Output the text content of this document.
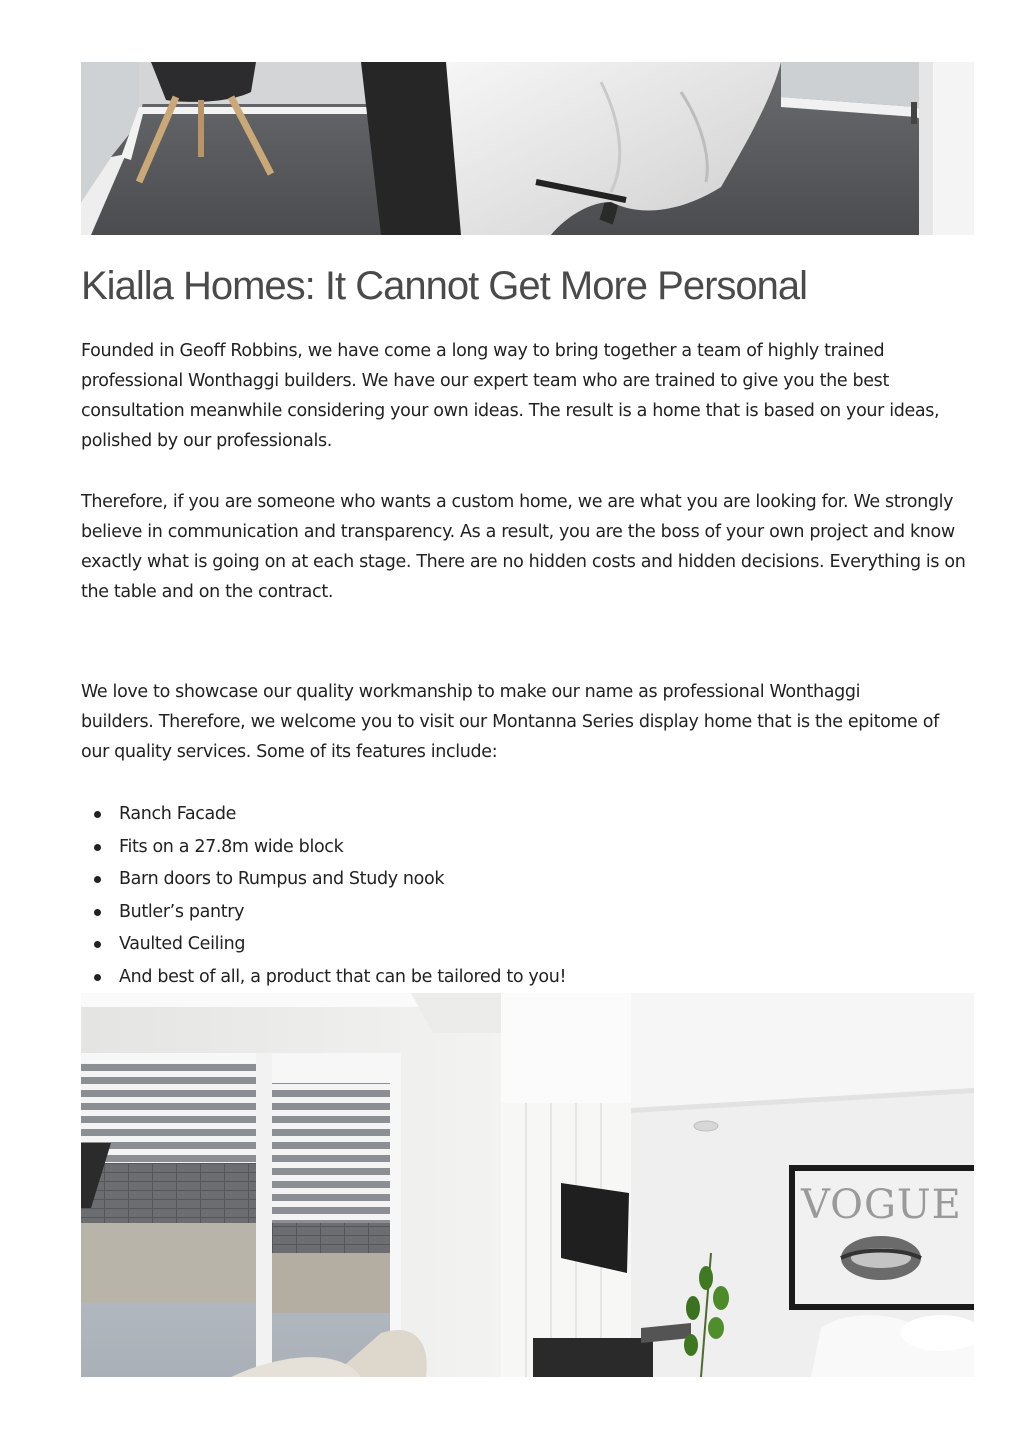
Kialla Homes: It Cannot Get More Personal

Founded in Geoff Robbins, we have come a long way to bring together a team of highly trained
professional Wonthaggi builders. We have our expert team who are trained to give you the best
consultation meanwhile considering your own ideas. The result is a home that is based on your ideas,
polished by our professionals.

Therefore, if you are someone who wants a custom home, we are what you are looking for. We strongly
believe in communication and transparency. As a result, you are the boss of your own project and know
exactly what is going on at each stage. There are no hidden costs and hidden decisions. Everything is on
the table and on the contract.

We love to showcase our quality workmanship to make our name as professional Wonthaggi
builders. Therefore, we welcome you to visit our Montanna Series display home that is the epitome of
our quality services. Some of its features include:

Ranch Facade
Fits on a 27.8m wide block
Barn doors to Rumpus and Study nook
Butler’s pantry
Vaulted Ceiling
And best of all, a product that can be tailored to you!
VOGUE
